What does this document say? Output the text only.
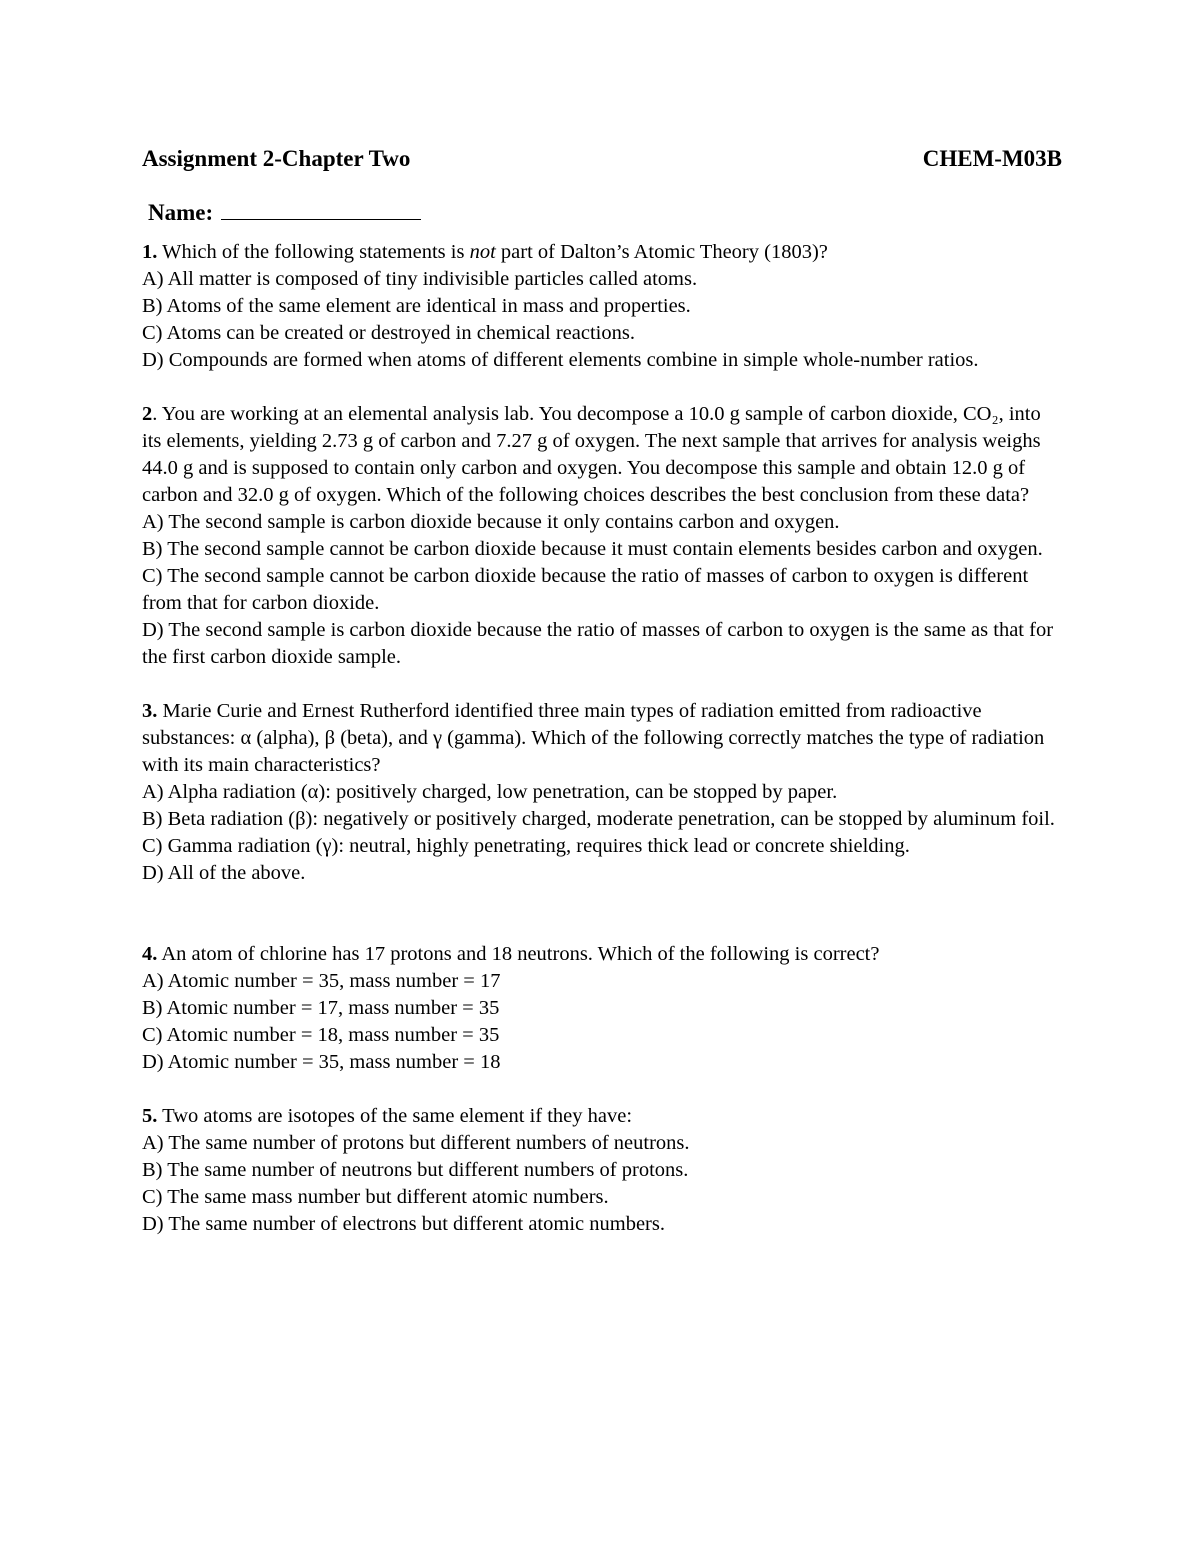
Assignment 2-Chapter Two	CHEM-M03B
Name:
1. Which of the following statements is not part of Dalton’s Atomic Theory (1803)?
A) All matter is composed of tiny indivisible particles called atoms.
B) Atoms of the same element are identical in mass and properties.
C) Atoms can be created or destroyed in chemical reactions.
D) Compounds are formed when atoms of different elements combine in simple whole-number ratios.
2. You are working at an elemental analysis lab. You decompose a 10.0 g sample of carbon dioxide, CO₂, into its elements, yielding 2.73 g of carbon and 7.27 g of oxygen. The next sample that arrives for analysis weighs 44.0 g and is supposed to contain only carbon and oxygen. You decompose this sample and obtain 12.0 g of carbon and 32.0 g of oxygen. Which of the following choices describes the best conclusion from these data?
A) The second sample is carbon dioxide because it only contains carbon and oxygen.
B) The second sample cannot be carbon dioxide because it must contain elements besides carbon and oxygen.
C) The second sample cannot be carbon dioxide because the ratio of masses of carbon to oxygen is different from that for carbon dioxide.
D) The second sample is carbon dioxide because the ratio of masses of carbon to oxygen is the same as that for the first carbon dioxide sample.
3. Marie Curie and Ernest Rutherford identified three main types of radiation emitted from radioactive substances: α (alpha), β (beta), and γ (gamma). Which of the following correctly matches the type of radiation with its main characteristics?
A) Alpha radiation (α): positively charged, low penetration, can be stopped by paper.
B) Beta radiation (β): negatively or positively charged, moderate penetration, can be stopped by aluminum foil.
C) Gamma radiation (γ): neutral, highly penetrating, requires thick lead or concrete shielding.
D) All of the above.
4. An atom of chlorine has 17 protons and 18 neutrons. Which of the following is correct?
A) Atomic number = 35, mass number = 17
B) Atomic number = 17, mass number = 35
C) Atomic number = 18, mass number = 35
D) Atomic number = 35, mass number = 18
5. Two atoms are isotopes of the same element if they have:
A) The same number of protons but different numbers of neutrons.
B) The same number of neutrons but different numbers of protons.
C) The same mass number but different atomic numbers.
D) The same number of electrons but different atomic numbers.
